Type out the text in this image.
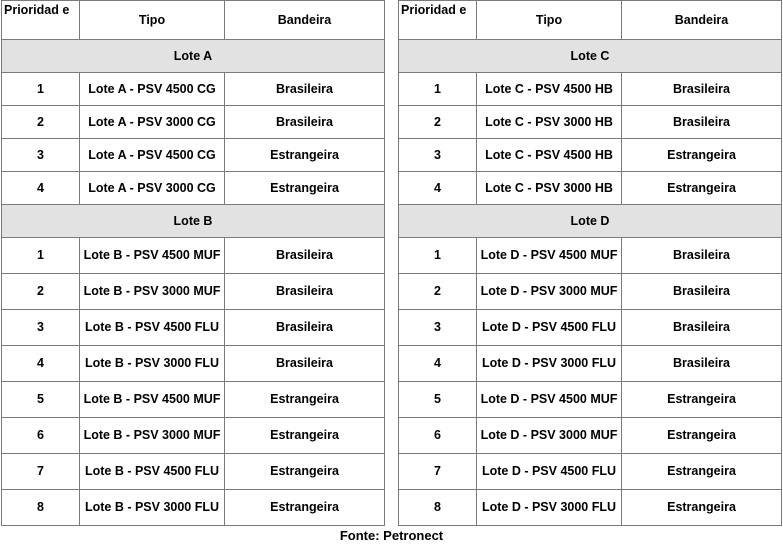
Prioridad e	Tipo	Bandeira
Lote A		
1	Lote A - PSV 4500 CG	Brasileira
2	Lote A - PSV 3000 CG	Brasileira
3	Lote A - PSV 4500 CG	Estrangeira
4	Lote A - PSV 3000 CG	Estrangeira
Lote B		
1	Lote B - PSV 4500 MUF	Brasileira
2	Lote B - PSV 3000 MUF	Brasileira
3	Lote B - PSV 4500 FLU	Brasileira
4	Lote B - PSV 3000 FLU	Brasileira
5	Lote B - PSV 4500 MUF	Estrangeira
6	Lote B - PSV 3000 MUF	Estrangeira
7	Lote B - PSV 4500 FLU	Estrangeira
8	Lote B - PSV 3000 FLU	Estrangeira
Prioridad e	Tipo	Bandeira
Lote C		
1	Lote C - PSV 4500 HB	Brasileira
2	Lote C - PSV 3000 HB	Brasileira
3	Lote C - PSV 4500 HB	Estrangeira
4	Lote C - PSV 3000 HB	Estrangeira
Lote D		
1	Lote D - PSV 4500 MUF	Brasileira
2	Lote D - PSV 3000 MUF	Brasileira
3	Lote D - PSV 4500 FLU	Brasileira
4	Lote D - PSV 3000 FLU	Brasileira
5	Lote D - PSV 4500 MUF	Estrangeira
6	Lote D - PSV 3000 MUF	Estrangeira
7	Lote D - PSV 4500 FLU	Estrangeira
8	Lote D - PSV 3000 FLU	Estrangeira
Fonte: Petronect
